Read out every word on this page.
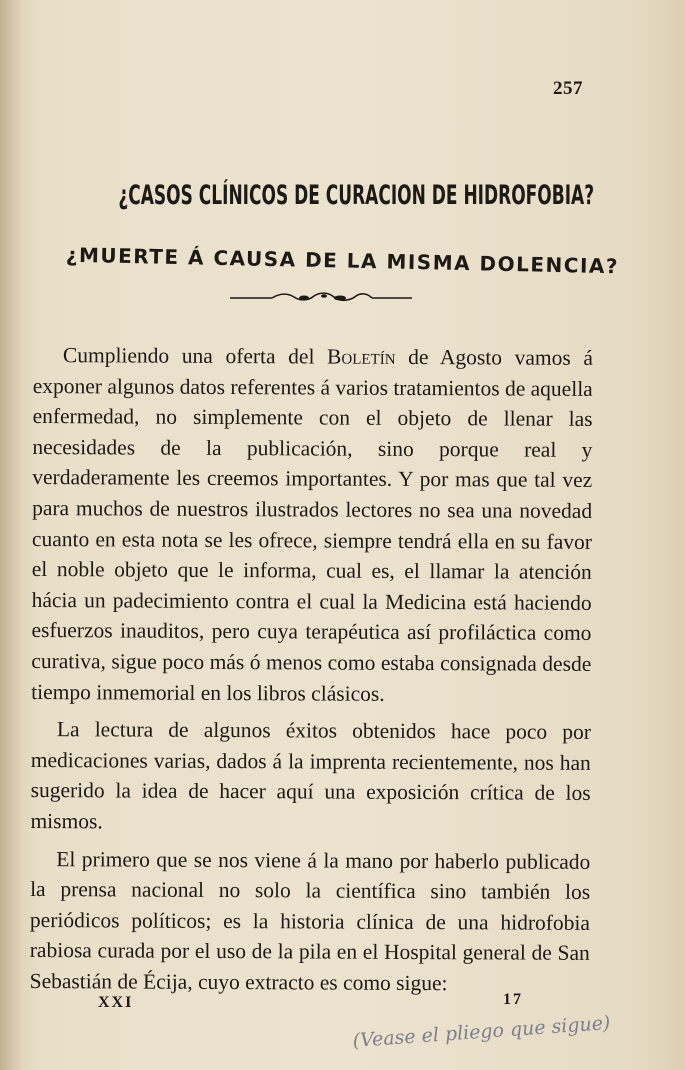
257
¿CASOS CLÍNICOS DE CURACION DE HIDROFOBIA?
¿MUERTE Á CAUSA DE LA MISMA DOLENCIA?

Cumpliendo una oferta del Boletín de Agosto vamos á exponer algunos datos referentes á varios tratamientos de aquella enfermedad, no simplemente con el objeto de llenar las necesidades de la publicación, sino porque real y verdaderamente les creemos importantes. Y por mas que tal vez para muchos de nuestros ilustrados lectores no sea una novedad cuanto en esta nota se les ofrece, siempre tendrá ella en su favor el noble objeto que le informa, cual es, el llamar la atención hácia un padecimiento contra el cual la Medicina está haciendo esfuerzos inauditos, pero cuya terapéutica así profiláctica como curativa, sigue poco más ó menos como estaba consignada desde tiempo inmemorial en los libros clásicos.

La lectura de algunos éxitos obtenidos hace poco por medicaciones varias, dados á la imprenta recientemente, nos han sugerido la idea de hacer aquí una exposición crítica de los mismos.

El primero que se nos viene á la mano por haberlo publicado la prensa nacional no solo la científica sino también los periódicos políticos; es la historia clínica de una hidrofobia rabiosa curada por el uso de la pila en el Hospital general de San Sebastián de Écija, cuyo extracto es como sigue:

XXI	17
(Vease el pliego que sigue)
